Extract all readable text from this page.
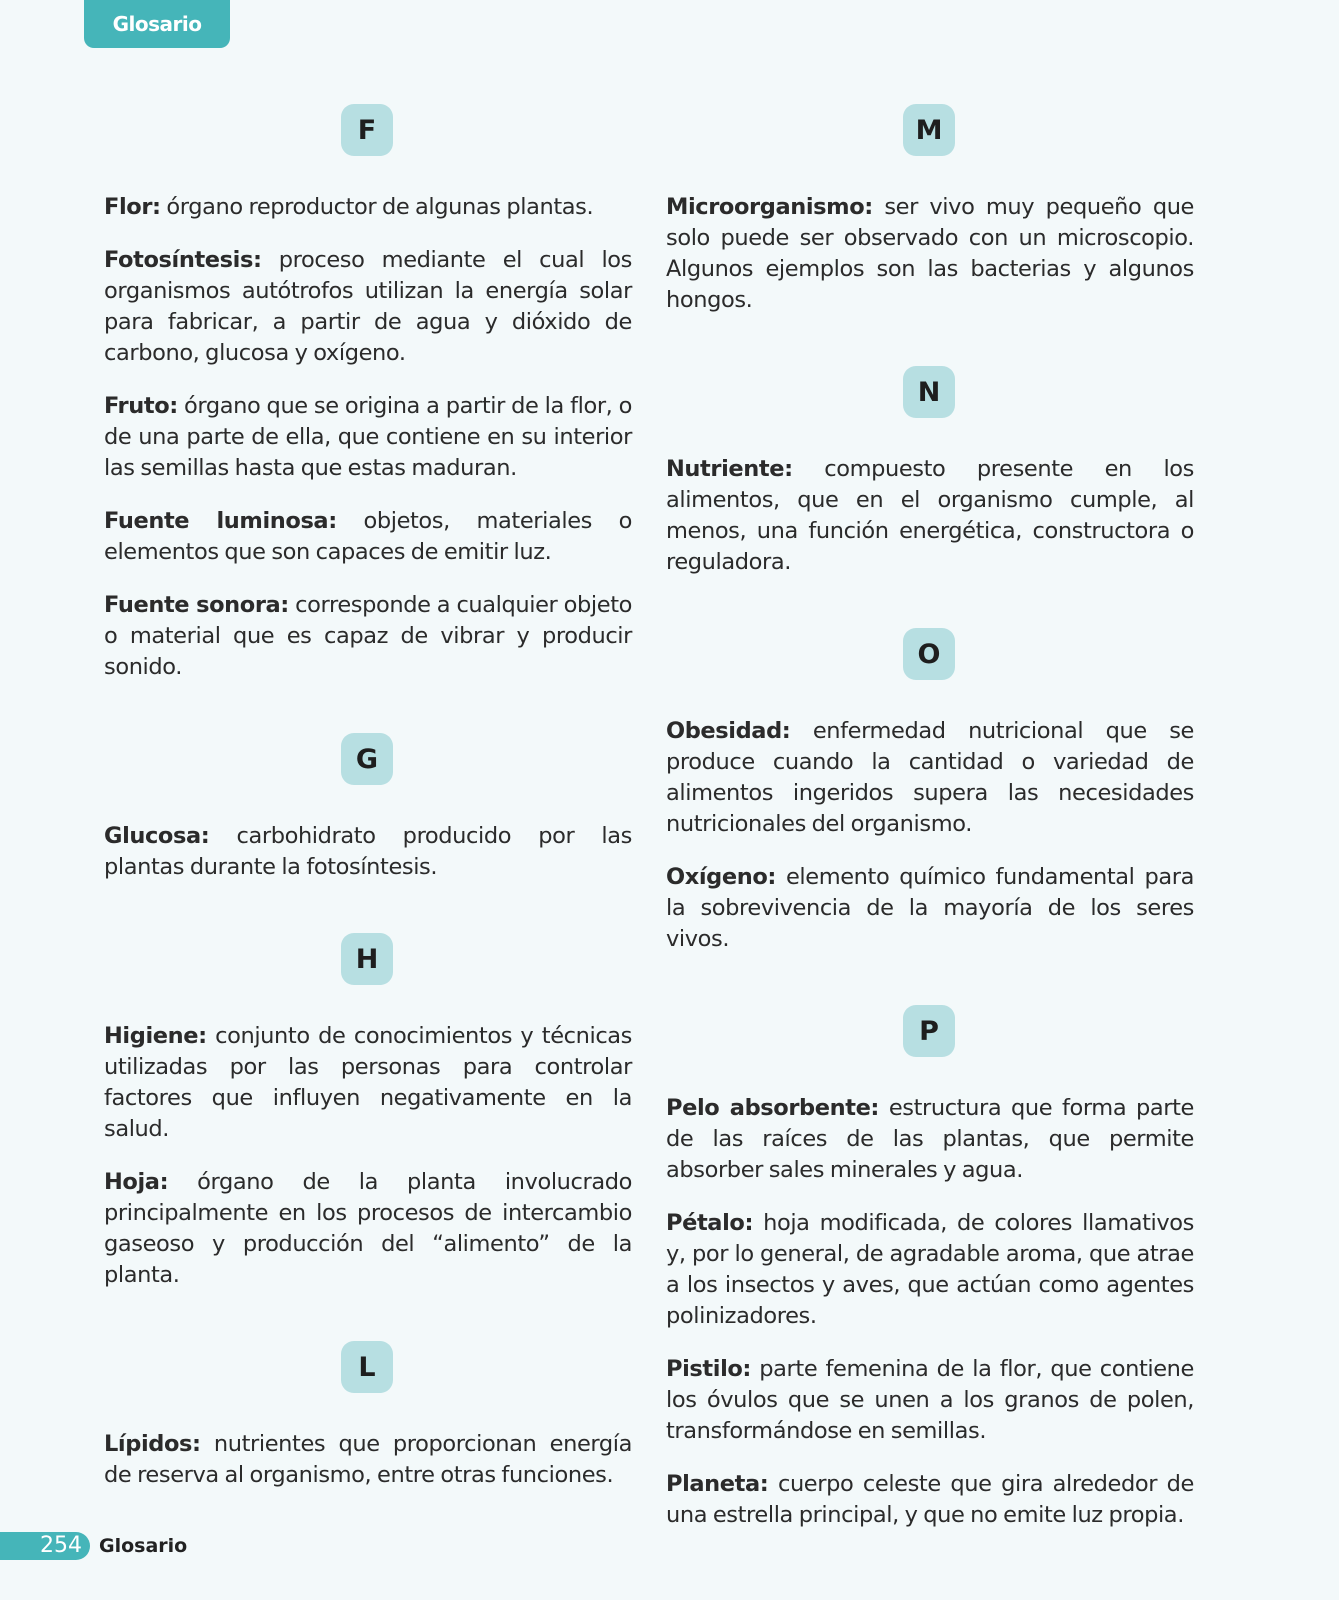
Glosario
F

Flor: órgano reproductor de algunas plantas.

Fotosíntesis: proceso mediante el cual los organismos autótrofos utilizan la energía solar para fabricar, a partir de agua y dióxido de carbono, glucosa y oxígeno.

Fruto: órgano que se origina a partir de la flor, o de una parte de ella, que contiene en su interior las semillas hasta que estas maduran.

Fuente luminosa: objetos, materiales o elementos que son capaces de emitir luz.

Fuente sonora: corresponde a cualquier objeto o material que es capaz de vibrar y producir sonido.

G

Glucosa: carbohidrato producido por las plantas durante la fotosíntesis.

H

Higiene: conjunto de conocimientos y técnicas utilizadas por las personas para controlar factores que influyen negativamente en la salud.

Hoja: órgano de la planta involucrado principalmente en los procesos de intercambio gaseoso y producción del “alimento” de la planta.

L

Lípidos: nutrientes que proporcionan energía de reserva al organismo, entre otras funciones.

M

Microorganismo: ser vivo muy pequeño que solo puede ser observado con un microscopio. Algunos ejemplos son las bacterias y algunos hongos.

N

Nutriente: compuesto presente en los alimentos, que en el organismo cumple, al menos, una función energética, constructora o reguladora.

O

Obesidad: enfermedad nutricional que se produce cuando la cantidad o variedad de alimentos ingeridos supera las necesidades nutricionales del organismo.

Oxígeno: elemento químico fundamental para la sobrevivencia de la mayoría de los seres vivos.

P

Pelo absorbente: estructura que forma parte de las raíces de las plantas, que permite absorber sales minerales y agua.

Pétalo: hoja modificada, de colores llamativos y, por lo general, de agradable aroma, que atrae a los insectos y aves, que actúan como agentes polinizadores.

Pistilo: parte femenina de la flor, que contiene los óvulos que se unen a los granos de polen, transformándose en semillas.

Planeta: cuerpo celeste que gira alrededor de una estrella principal, y que no emite luz propia.

254 Glosario
